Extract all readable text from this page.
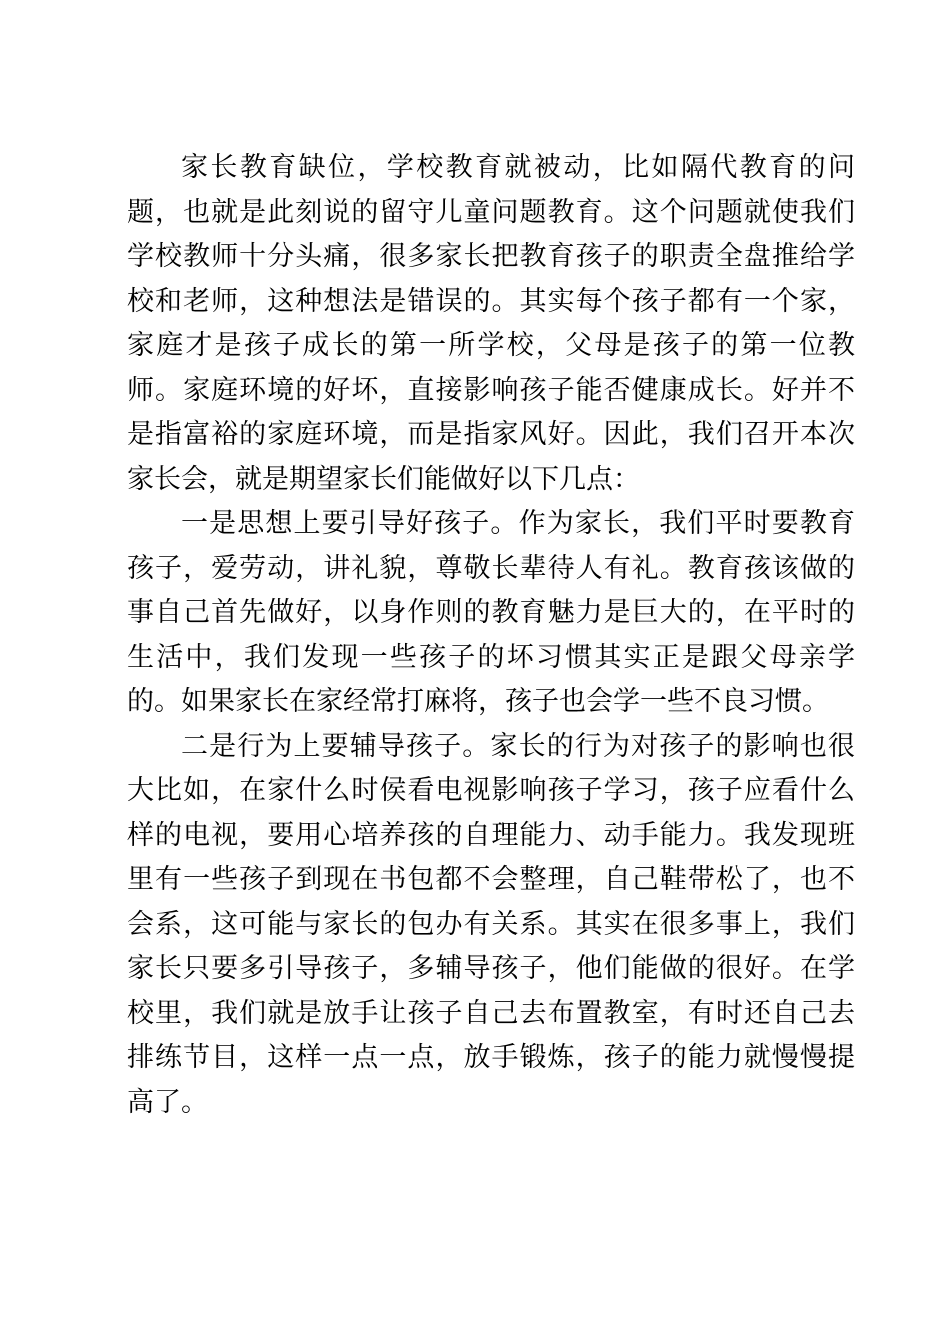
家长教育缺位，学校教育就被动，比如隔代教育的问题，也就是此刻说的留守儿童问题教育。这个问题就使我们学校教师十分头痛，很多家长把教育孩子的职责全盘推给学校和老师，这种想法是错误的。其实每个孩子都有一个家，家庭才是孩子成长的第一所学校，父母是孩子的第一位教师。家庭环境的好坏，直接影响孩子能否健康成长。好并不是指富裕的家庭环境，而是指家风好。因此，我们召开本次家长会，就是期望家长们能做好以下几点：

一是思想上要引导好孩子。作为家长，我们平时要教育孩子，爱劳动，讲礼貌，尊敬长辈待人有礼。教育孩该做的事自己首先做好，以身作则的教育魅力是巨大的，在平时的生活中，我们发现一些孩子的坏习惯其实正是跟父母亲学的。如果家长在家经常打麻将，孩子也会学一些不良习惯。

二是行为上要辅导孩子。家长的行为对孩子的影响也很大比如，在家什么时侯看电视影响孩子学习，孩子应看什么样的电视，要用心培养孩的自理能力、动手能力。我发现班里有一些孩子到现在书包都不会整理，自己鞋带松了，也不会系，这可能与家长的包办有关系。其实在很多事上，我们家长只要多引导孩子，多辅导孩子，他们能做的很好。在学校里，我们就是放手让孩子自己去布置教室，有时还自己去排练节目，这样一点一点，放手锻炼，孩子的能力就慢慢提高了。
